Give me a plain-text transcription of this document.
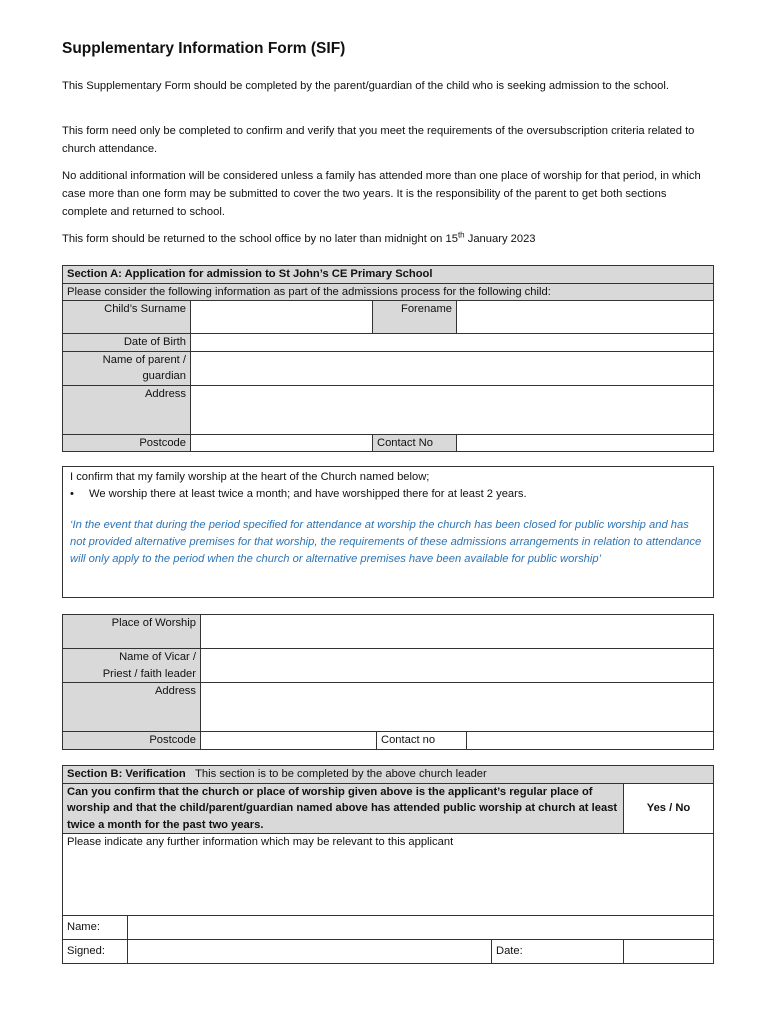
Supplementary Information Form (SIF)
This Supplementary Form should be completed by the parent/guardian of the child who is seeking admission to the school.
This form need only be completed to confirm and verify that you meet the requirements of the oversubscription criteria related to church attendance.
No additional information will be considered unless a family has attended more than one place of worship for that period, in which case more than one form may be submitted to cover the two years. It is the responsibility of the parent to get both sections complete and returned to school.
This form should be returned to the school office by no later than midnight on 15th January 2023
Section A: Application for admission to St John’s CE Primary School			
Please consider the following information as part of the admissions process for the following child:			
Child’s Surname		Forename	
Date of Birth			
Name of parent /
guardian			
Address			
Postcode		Contact No	
I confirm that my family worship at the heart of the Church named below;
• We worship there at least twice a month; and have worshipped there for at least 2 years.
‘In the event that during the period specified for attendance at worship the church has been closed for public worship and has not provided alternative premises for that worship, the requirements of these admissions arrangements in relation to attendance will only apply to the period when the church or alternative premises have been available for public worship’
Place of Worship			
Name of Vicar /
Priest / faith leader			
Address			
Postcode		Contact no	
Section B: Verification This section is to be completed by the above church leader			
Can you confirm that the church or place of worship given above is the applicant’s regular place of worship and that the child/parent/guardian named above has attended public worship at church at least twice a month for the past two years.			Yes / No
Please indicate any further information which may be relevant to this applicant			
Name:			
Signed:		Date:	
